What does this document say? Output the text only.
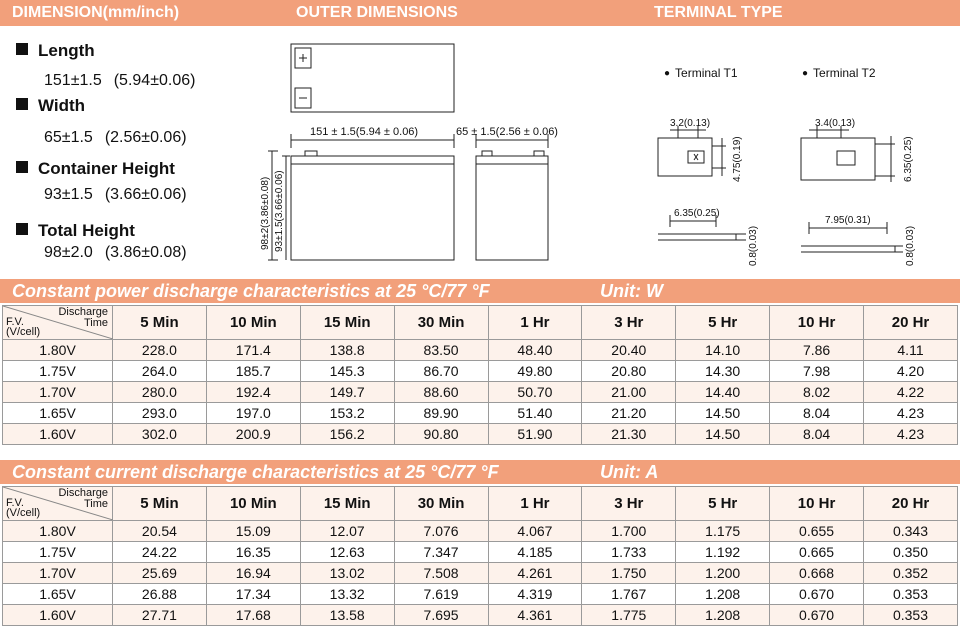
DIMENSION(mm/inch)	OUTER DIMENSIONS	TERMINAL TYPE
Length
151±1.5 (5.94±0.06)
Width
65±1.5 (2.56±0.06)
Container Height
93±1.5 (3.66±0.06)
Total Height
98±2.0 (3.86±0.08)
151 ± 1.5(5.94 ± 0.06)	65 ± 1.5(2.56 ± 0.06)
98±2(3.86±0.08) 93±1.5(3.66±0.06)
● Terminal T1	● Terminal T2
3.2(0.13)
4.75(0.19)
6.35(0.25)
0.8(0.03)
3.4(0.13)
6.35(0.25)
7.95(0.31)
0.8(0.03)
Constant power discharge characteristics at 25 °C/77 °F	Unit: W
Discharge
Time
F.V.
(V/cell)	5 Min	10 Min	15 Min	30 Min	1 Hr	3 Hr	5 Hr	10 Hr	20 Hr
1.80V	228.0	171.4	138.8	83.50	48.40	20.40	14.10	7.86	4.11
1.75V	264.0	185.7	145.3	86.70	49.80	20.80	14.30	7.98	4.20
1.70V	280.0	192.4	149.7	88.60	50.70	21.00	14.40	8.02	4.22
1.65V	293.0	197.0	153.2	89.90	51.40	21.20	14.50	8.04	4.23
1.60V	302.0	200.9	156.2	90.80	51.90	21.30	14.50	8.04	4.23
Constant current discharge characteristics at 25 °C/77 °F	Unit: A
Discharge
Time
F.V.
(V/cell)	5 Min	10 Min	15 Min	30 Min	1 Hr	3 Hr	5 Hr	10 Hr	20 Hr
1.80V	20.54	15.09	12.07	7.076	4.067	1.700	1.175	0.655	0.343
1.75V	24.22	16.35	12.63	7.347	4.185	1.733	1.192	0.665	0.350
1.70V	25.69	16.94	13.02	7.508	4.261	1.750	1.200	0.668	0.352
1.65V	26.88	17.34	13.32	7.619	4.319	1.767	1.208	0.670	0.353
1.60V	27.71	17.68	13.58	7.695	4.361	1.775	1.208	0.670	0.353
